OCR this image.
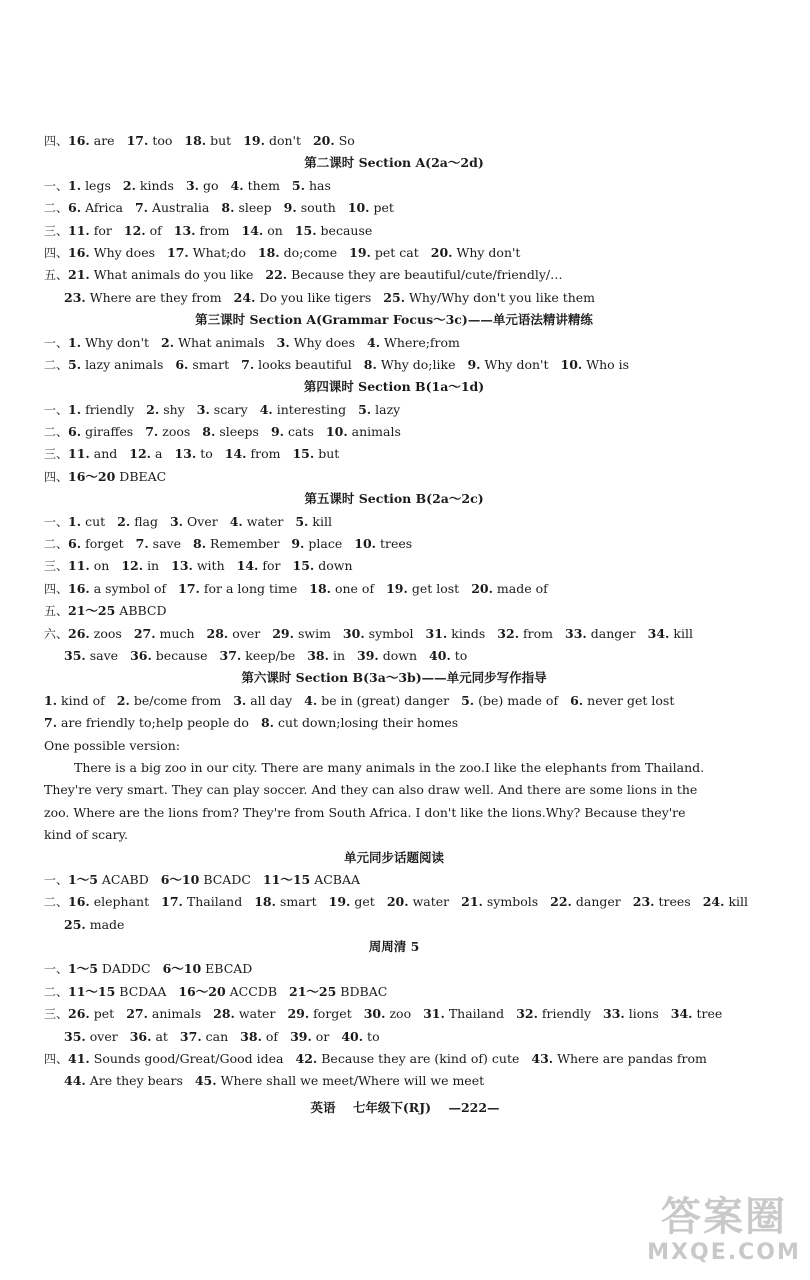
四、16. are 17. too 18. but 19. don't 20. So
第二课时 Section A(2a～2d)
一、1. legs 2. kinds 3. go 4. them 5. has
二、6. Africa 7. Australia 8. sleep 9. south 10. pet
三、11. for 12. of 13. from 14. on 15. because
四、16. Why does 17. What;do 18. do;come 19. pet cat 20. Why don't
五、21. What animals do you like 22. Because they are beautiful/cute/friendly/…
23. Where are they from 24. Do you like tigers 25. Why/Why don't you like them
第三课时 Section A(Grammar Focus～3c)——单元语法精讲精练
一、1. Why don't 2. What animals 3. Why does 4. Where;from
二、5. lazy animals 6. smart 7. looks beautiful 8. Why do;like 9. Why don't 10. Who is
第四课时 Section B(1a～1d)
一、1. friendly 2. shy 3. scary 4. interesting 5. lazy
二、6. giraffes 7. zoos 8. sleeps 9. cats 10. animals
三、11. and 12. a 13. to 14. from 15. but
四、16～20 DBEAC
第五课时 Section B(2a～2c)
一、1. cut 2. flag 3. Over 4. water 5. kill
二、6. forget 7. save 8. Remember 9. place 10. trees
三、11. on 12. in 13. with 14. for 15. down
四、16. a symbol of 17. for a long time 18. one of 19. get lost 20. made of
五、21～25 ABBCD
六、26. zoos 27. much 28. over 29. swim 30. symbol 31. kinds 32. from 33. danger 34. kill
35. save 36. because 37. keep/be 38. in 39. down 40. to
第六课时 Section B(3a～3b)——单元同步写作指导
1. kind of 2. be/come from 3. all day 4. be in (great) danger 5. (be) made of 6. never get lost
7. are friendly to;help people do 8. cut down;losing their homes
One possible version:
There is a big zoo in our city. There are many animals in the zoo.I like the elephants from Thailand.
They're very smart. They can play soccer. And they can also draw well. And there are some lions in the
zoo. Where are the lions from? They're from South Africa. I don't like the lions.Why? Because they're
kind of scary.
单元同步话题阅读
一、1～5 ACABD 6～10 BCADC 11～15 ACBAA
二、16. elephant 17. Thailand 18. smart 19. get 20. water 21. symbols 22. danger 23. trees 24. kill
25. made
周周清 5
一、1～5 DADDC 6～10 EBCAD
二、11～15 BCDAA 16～20 ACCDB 21～25 BDBAC
三、26. pet 27. animals 28. water 29. forget 30. zoo 31. Thailand 32. friendly 33. lions 34. tree
35. over 36. at 37. can 38. of 39. or 40. to
四、41. Sounds good/Great/Good idea 42. Because they are (kind of) cute 43. Where are pandas from
44. Are they bears 45. Where shall we meet/Where will we meet
英语 七年级下(RJ) —222—
答案圈
MXQE.COM
